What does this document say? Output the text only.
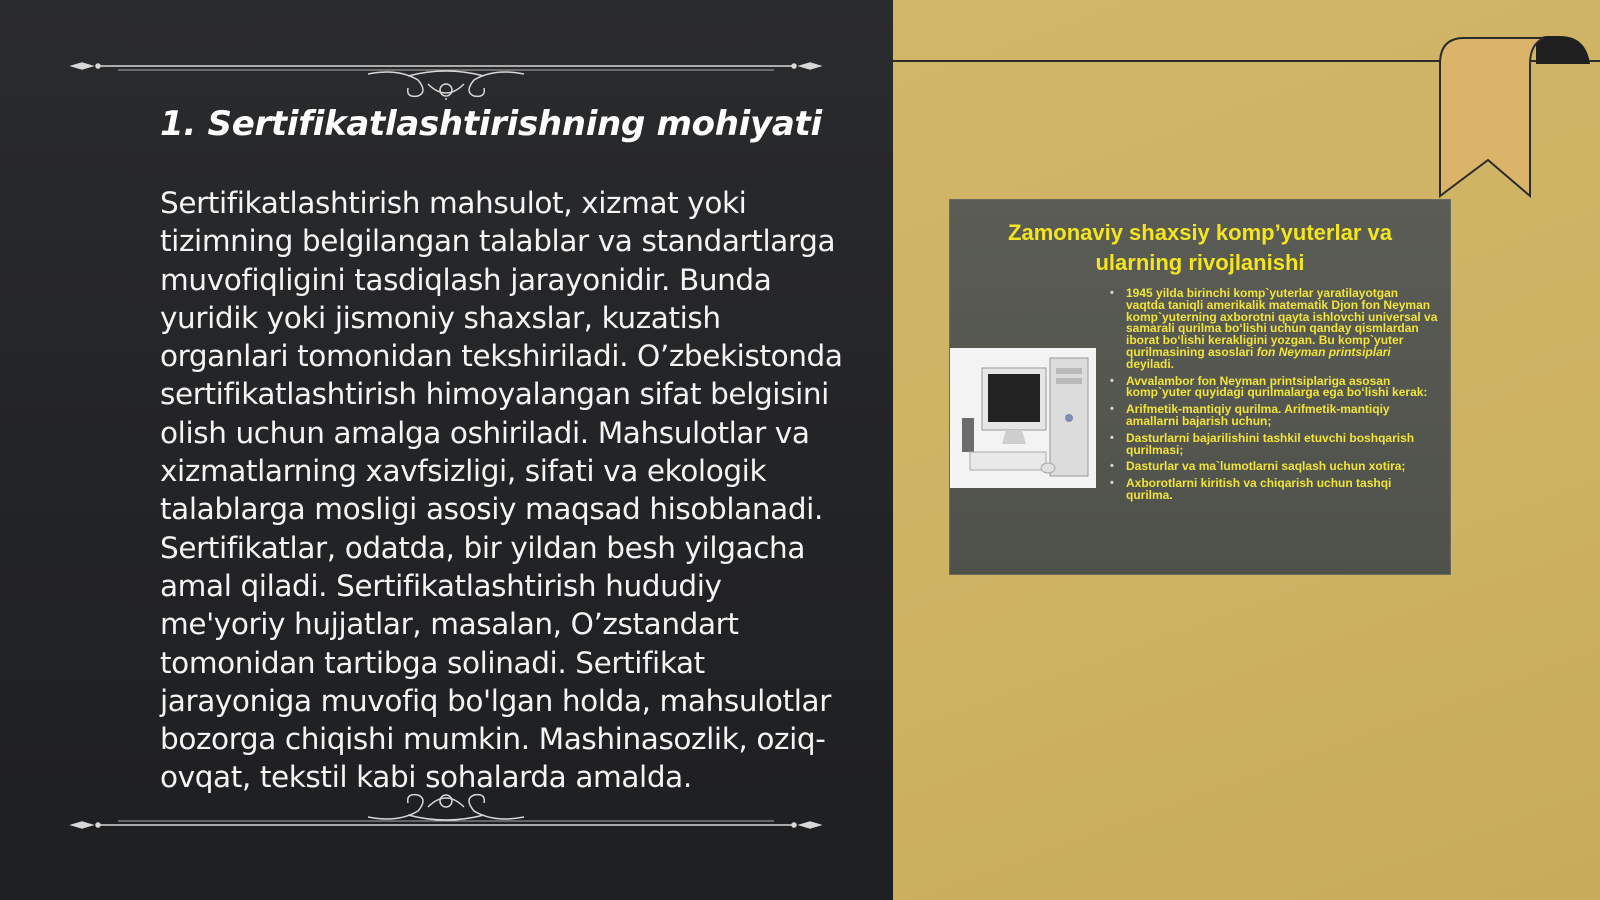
1. Sertifikatlashtirishning mohiyati

Sertifikatlashtirish mahsulot, xizmat yoki tizimning belgilangan talablar va standartlarga muvofiqligini tasdiqlash jarayonidir. Bunda yuridik yoki jismoniy shaxslar, kuzatish organlari tomonidan tekshiriladi. O’zbekistonda sertifikatlashtirish himoyalangan sifat belgisini olish uchun amalga oshiriladi. Mahsulotlar va xizmatlarning xavfsizligi, sifati va ekologik talablarga mosligi asosiy maqsad hisoblanadi. Sertifikatlar, odatda, bir yildan besh yilgacha amal qiladi. Sertifikatlashtirish hududiy me'yoriy hujjatlar, masalan, O’zstandart tomonidan tartibga solinadi. Sertifikat jarayoniga muvofiq bo'lgan holda, mahsulotlar bozorga chiqishi mumkin. Mashinasozlik, oziq-ovqat, tekstil kabi sohalarda amalda.

Zamonaviy shaxsiy komp’yuterlar va
ularning rivojlanishi
• 1945 yilda birinchi komp`yuterlar yaratilayotgan vaqtda taniqli amerikalik matematik Djon fon Neyman komp`yuterning axborotni qayta ishlovchi universal va samarali qurilma bo‘lishi uchun qanday qismlardan iborat bo‘lishi kerakligini yozgan. Bu komp`yuter qurilmasining asoslari fon Neyman printsiplari deyiladi.
• Avvalambor fon Neyman printsiplariga asosan komp`yuter quyidagi qurilmalarga ega bo‘lishi kerak:
• Arifmetik-mantiqiy qurilma. Arifmetik-mantiqiy amallarni bajarish uchun;
• Dasturlarni bajarilishini tashkil etuvchi boshqarish qurilmasi;
• Dasturlar va ma`lumotlarni saqlash uchun xotira;
• Axborotlarni kiritish va chiqarish uchun tashqi qurilma.
